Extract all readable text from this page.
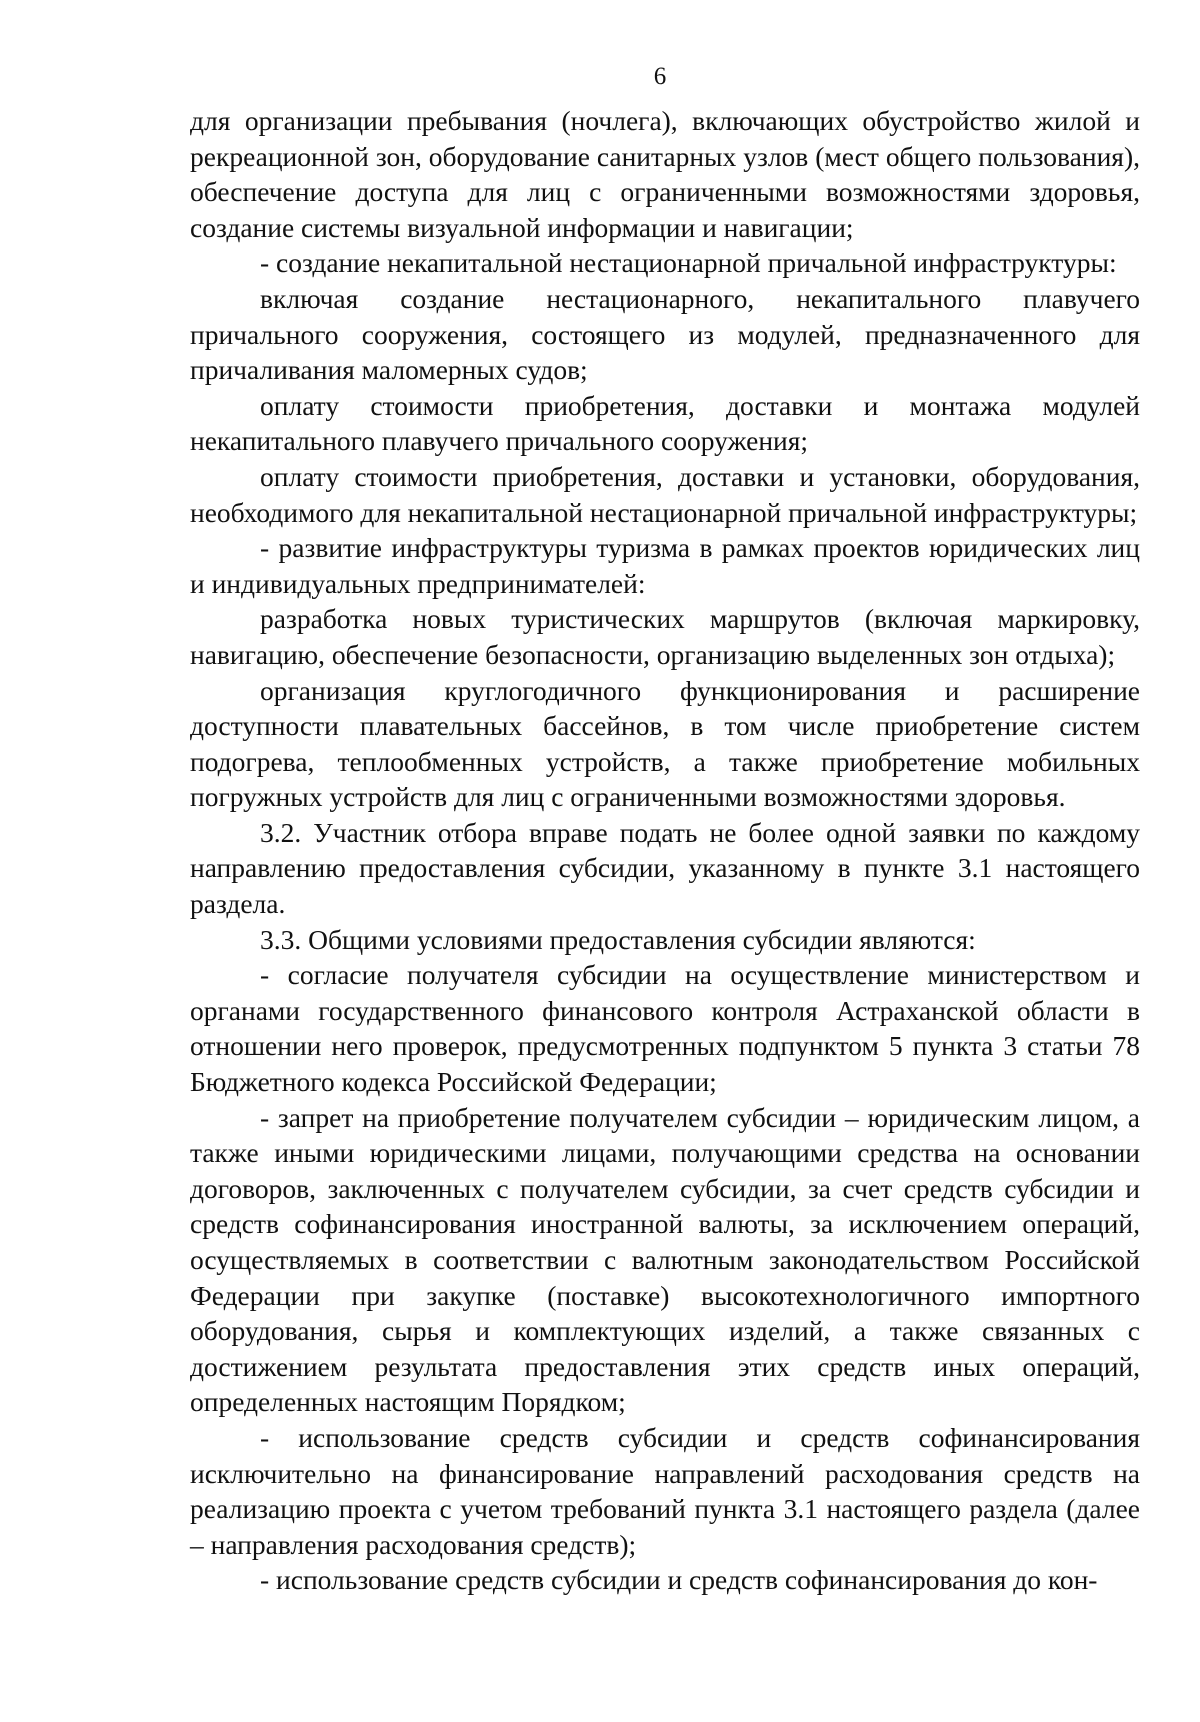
6

для организации пребывания (ночлега), включающих обустройство жилой и рекреационной зон, оборудование санитарных узлов (мест общего пользования), обеспечение доступа для лиц с ограниченными возможностями здоровья, создание системы визуальной информации и навигации;

- создание некапитальной нестационарной причальной инфраструктуры:

включая создание нестационарного, некапитального плавучего причального сооружения, состоящего из модулей, предназначенного для причаливания маломерных судов;

оплату стоимости приобретения, доставки и монтажа модулей некапитального плавучего причального сооружения;

оплату стоимости приобретения, доставки и установки, оборудования, необходимого для некапитальной нестационарной причальной инфраструктуры;

- развитие инфраструктуры туризма в рамках проектов юридических лиц и индивидуальных предпринимателей:

разработка новых туристических маршрутов (включая маркировку, навигацию, обеспечение безопасности, организацию выделенных зон отдыха);

организация круглогодичного функционирования и расширение доступности плавательных бассейнов, в том числе приобретение систем подогрева, теплообменных устройств, а также приобретение мобильных погружных устройств для лиц с ограниченными возможностями здоровья.

3.2. Участник отбора вправе подать не более одной заявки по каждому направлению предоставления субсидии, указанному в пункте 3.1 настоящего раздела.

3.3. Общими условиями предоставления субсидии являются:

- согласие получателя субсидии на осуществление министерством и органами государственного финансового контроля Астраханской области в отношении него проверок, предусмотренных подпунктом 5 пункта 3 статьи 78 Бюджетного кодекса Российской Федерации;

- запрет на приобретение получателем субсидии – юридическим лицом, а также иными юридическими лицами, получающими средства на основании договоров, заключенных с получателем субсидии, за счет средств субсидии и средств софинансирования иностранной валюты, за исключением операций, осуществляемых в соответствии с валютным законодательством Российской Федерации при закупке (поставке) высокотехнологичного импортного оборудования, сырья и комплектующих изделий, а также связанных с достижением результата предоставления этих средств иных операций, определенных настоящим Порядком;

- использование средств субсидии и средств софинансирования исключительно на финансирование направлений расходования средств на реализацию проекта с учетом требований пункта 3.1 настоящего раздела (далее – направления расходования средств);

- использование средств субсидии и средств софинансирования до кон-
